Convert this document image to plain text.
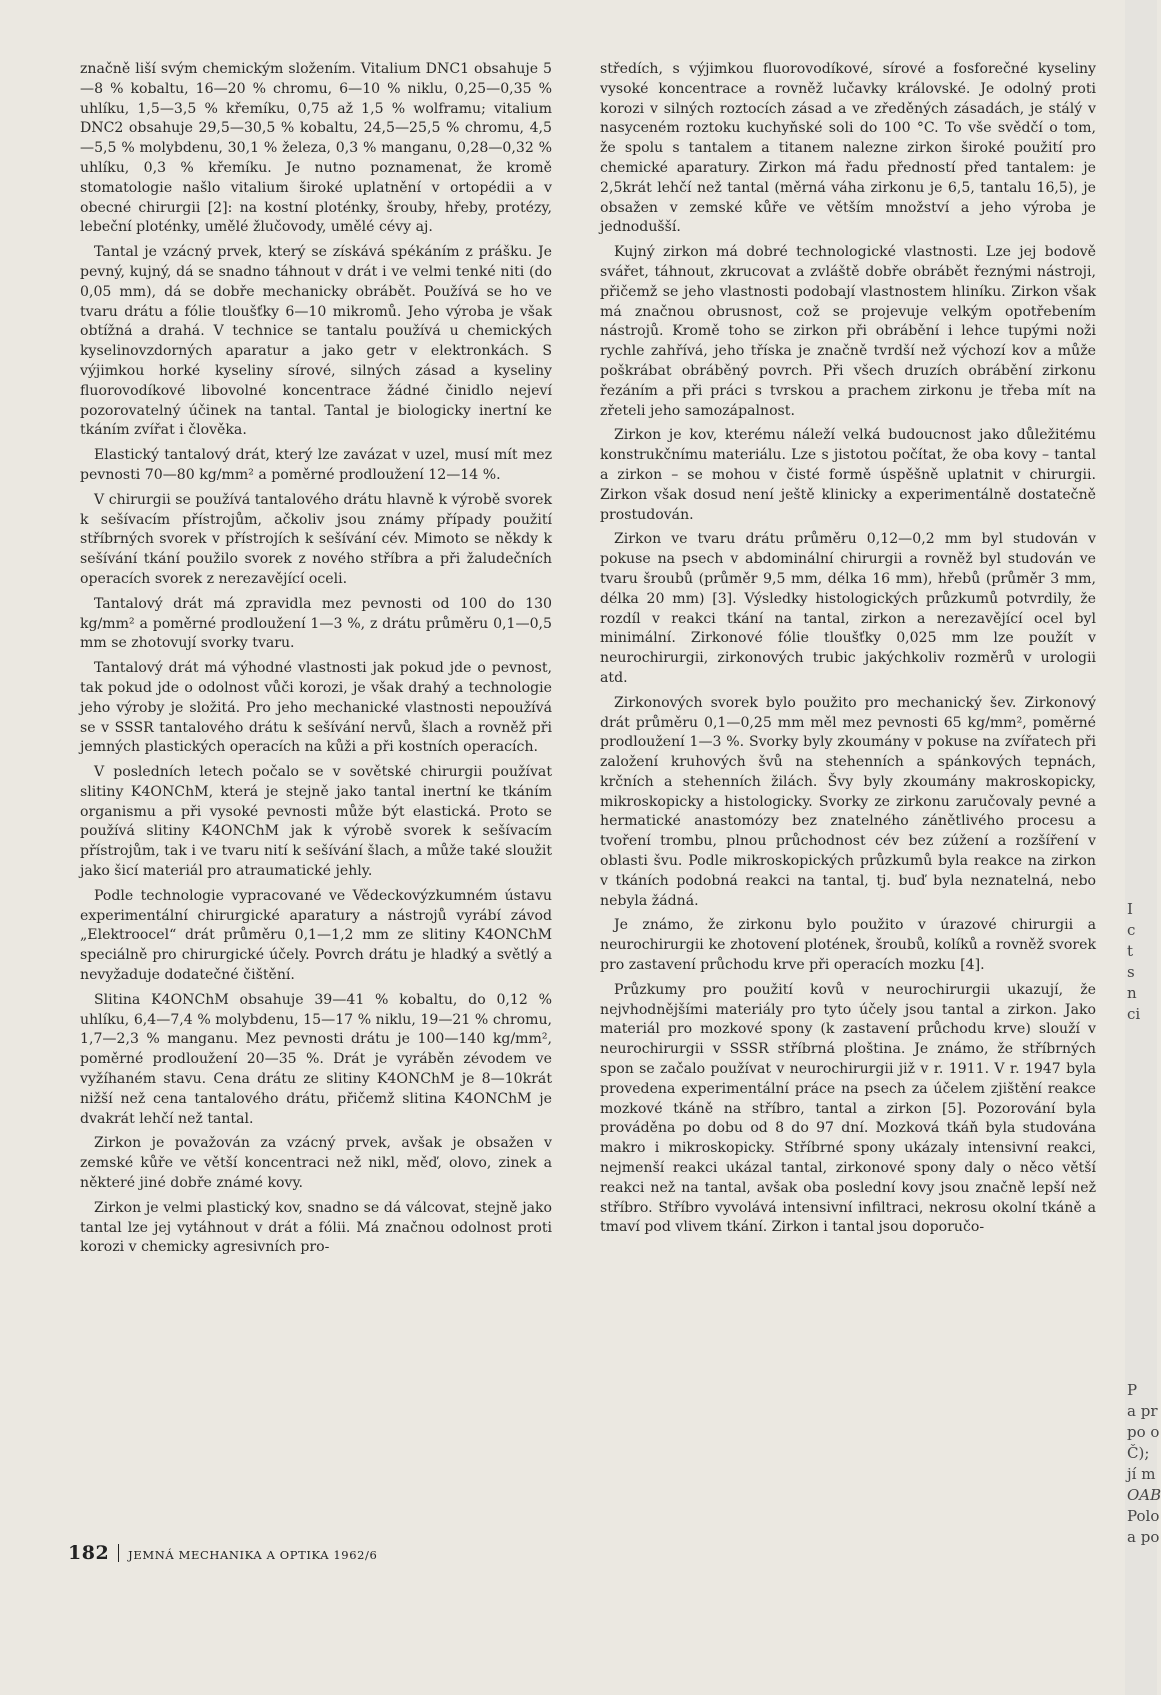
I
c
t
s
n
ci
P
a pr
po o
Č);
jí m
OAB
Polo
a po

značně liší svým chemickým složením. Vitalium DNC1 obsahuje 5—8 % kobaltu, 16—20 % chromu, 6—10 % niklu, 0,25—0,35 % uhlíku, 1,5—3,5 % křemíku, 0,75 až 1,5 % wolframu; vitalium DNC2 obsahuje 29,5—30,5 % kobaltu, 24,5—25,5 % chromu, 4,5—5,5 % molybdenu, 30,1 % železa, 0,3 % manganu, 0,28—0,32 % uhlíku, 0,3 % křemíku. Je nutno poznamenat, že kromě stomatologie našlo vitalium široké uplatnění v ortopédii a v obecné chirurgii [2]: na kostní ploténky, šrouby, hřeby, protézy, lebeční ploténky, umělé žlučovody, umělé cévy aj.

Tantal je vzácný prvek, který se získává spékáním z prášku. Je pevný, kujný, dá se snadno táhnout v drát i ve velmi tenké niti (do 0,05 mm), dá se dobře mechanicky obrábět. Používá se ho ve tvaru drátu a fólie tloušťky 6—10 mikromů. Jeho výroba je však obtížná a drahá. V technice se tantalu používá u chemických kyselinovzdorných aparatur a jako getr v elektronkách. S výjimkou horké kyseliny sírové, silných zásad a kyseliny fluorovodíkové libovolné koncentrace žádné činidlo nejeví pozorovatelný účinek na tantal. Tantal je biologicky inertní ke tkáním zvířat i člověka.

Elastický tantalový drát, který lze zavázat v uzel, musí mít mez pevnosti 70—80 kg/mm² a poměrné prodloužení 12—14 %.

V chirurgii se používá tantalového drátu hlavně k výrobě svorek k sešívacím přístrojům, ačkoliv jsou známy případy použití stříbrných svorek v přístrojích k sešívání cév. Mimoto se někdy k sešívání tkání použilo svorek z nového stříbra a při žaludečních operacích svorek z nerezavějící oceli.

Tantalový drát má zpravidla mez pevnosti od 100 do 130 kg/mm² a poměrné prodloužení 1—3 %, z drátu průměru 0,1—0,5 mm se zhotovují svorky tvaru.

Tantalový drát má výhodné vlastnosti jak pokud jde o pevnost, tak pokud jde o odolnost vůči korozi, je však drahý a technologie jeho výroby je složitá. Pro jeho mechanické vlastnosti nepoužívá se v SSSR tantalového drátu k sešívání nervů, šlach a rovněž při jemných plastických operacích na kůži a při kostních operacích.

V posledních letech počalo se v sovětské chirurgii používat slitiny K4ONChM, která je stejně jako tantal inertní ke tkáním organismu a při vysoké pevnosti může být elastická. Proto se používá slitiny K4ONChM jak k výrobě svorek k sešívacím přístrojům, tak i ve tvaru nití k sešívání šlach, a může také sloužit jako šicí materiál pro atraumatické jehly.

Podle technologie vypracované ve Vědeckovýzkumném ústavu experimentální chirurgické aparatury a nástrojů vyrábí závod „Elektroocel“ drát průměru 0,1—1,2 mm ze slitiny K4ONChM speciálně pro chirurgické účely. Povrch drátu je hladký a světlý a nevyžaduje dodatečné čištění.

Slitina K4ONChM obsahuje 39—41 % kobaltu, do 0,12 % uhlíku, 6,4—7,4 % molybdenu, 15—17 % niklu, 19—21 % chromu, 1,7—2,3 % manganu. Mez pevnosti drátu je 100—140 kg/mm², poměrné prodloužení 20—35 %. Drát je vyráběn zévodem ve vyžíhaném stavu. Cena drátu ze slitiny K4ONChM je 8—10krát nižší než cena tantalového drátu, přičemž slitina K4ONChM je dvakrát lehčí než tantal.

Zirkon je považován za vzácný prvek, avšak je obsažen v zemské kůře ve větší koncentraci než nikl, měď, olovo, zinek a některé jiné dobře známé kovy.

Zirkon je velmi plastický kov, snadno se dá válcovat, stejně jako tantal lze jej vytáhnout v drát a fólii. Má značnou odolnost proti korozi v chemicky agresivních pro-

středích, s výjimkou fluorovodíkové, sírové a fosforečné kyseliny vysoké koncentrace a rovněž lučavky královské. Je odolný proti korozi v silných roztocích zásad a ve zředěných zásadách, je stálý v nasyceném roztoku kuchyňské soli do 100 °C. To vše svědčí o tom, že spolu s tantalem a titanem nalezne zirkon široké použití pro chemické aparatury. Zirkon má řadu předností před tantalem: je 2,5krát lehčí než tantal (měrná váha zirkonu je 6,5, tantalu 16,5), je obsažen v zemské kůře ve větším množství a jeho výroba je jednodušší.

Kujný zirkon má dobré technologické vlastnosti. Lze jej bodově svářet, táhnout, zkrucovat a zvláště dobře obrábět řeznými nástroji, přičemž se jeho vlastnosti podobají vlastnostem hliníku. Zirkon však má značnou obrusnost, což se projevuje velkým opotřebením nástrojů. Kromě toho se zirkon při obrábění i lehce tupými noži rychle zahřívá, jeho tříska je značně tvrdší než výchozí kov a může poškrábat obráběný povrch. Při všech druzích obrábění zirkonu řezáním a při práci s tvrskou a prachem zirkonu je třeba mít na zřeteli jeho samozápalnost.

Zirkon je kov, kterému náleží velká budoucnost jako důležitému konstrukčnímu materiálu. Lze s jistotou počítat, že oba kovy – tantal a zirkon – se mohou v čisté formě úspěšně uplatnit v chirurgii. Zirkon však dosud není ještě klinicky a experimentálně dostatečně prostudován.

Zirkon ve tvaru drátu průměru 0,12—0,2 mm byl studován v pokuse na psech v abdominální chirurgii a rovněž byl studován ve tvaru šroubů (průměr 9,5 mm, délka 16 mm), hřebů (průměr 3 mm, délka 20 mm) [3]. Výsledky histologických průzkumů potvrdily, že rozdíl v reakci tkání na tantal, zirkon a nerezavějící ocel byl minimální. Zirkonové fólie tloušťky 0,025 mm lze použít v neurochirurgii, zirkonových trubic jakýchkoliv rozměrů v urologii atd.

Zirkonových svorek bylo použito pro mechanický šev. Zirkonový drát průměru 0,1—0,25 mm měl mez pevnosti 65 kg/mm², poměrné prodloužení 1—3 %. Svorky byly zkoumány v pokuse na zvířatech při založení kruhových švů na stehenních a spánkových tepnách, krčních a stehenních žilách. Švy byly zkoumány makroskopicky, mikroskopicky a histologicky. Svorky ze zirkonu zaručovaly pevné a hermatické anastomózy bez znatelného zánětlivého procesu a tvoření trombu, plnou průchodnost cév bez zúžení a rozšíření v oblasti švu. Podle mikroskopických průzkumů byla reakce na zirkon v tkáních podobná reakci na tantal, tj. buď byla neznatelná, nebo nebyla žádná.

Je známo, že zirkonu bylo použito v úrazové chirurgii a neurochirurgii ke zhotovení plotének, šroubů, kolíků a rovněž svorek pro zastavení průchodu krve při operacích mozku [4].

Průzkumy pro použití kovů v neurochirurgii ukazují, že nejvhodnějšími materiály pro tyto účely jsou tantal a zirkon. Jako materiál pro mozkové spony (k zastavení průchodu krve) slouží v neurochirurgii v SSSR stříbrná ploština. Je známo, že stříbrných spon se začalo používat v neurochirurgii již v r. 1911. V r. 1947 byla provedena experimentální práce na psech za účelem zjištění reakce mozkové tkáně na stříbro, tantal a zirkon [5]. Pozorování byla prováděna po dobu od 8 do 97 dní. Mozková tkáň byla studována makro i mikroskopicky. Stříbrné spony ukázaly intensivní reakci, nejmenší reakci ukázal tantal, zirkonové spony daly o něco větší reakci než na tantal, avšak oba poslední kovy jsou značně lepší než stříbro. Stříbro vyvolává intensivní infiltraci, nekrosu okolní tkáně a tmaví pod vlivem tkání. Zirkon i tantal jsou doporučo-

182 JEMNÁ MECHANIKA A OPTIKA 1962/6
